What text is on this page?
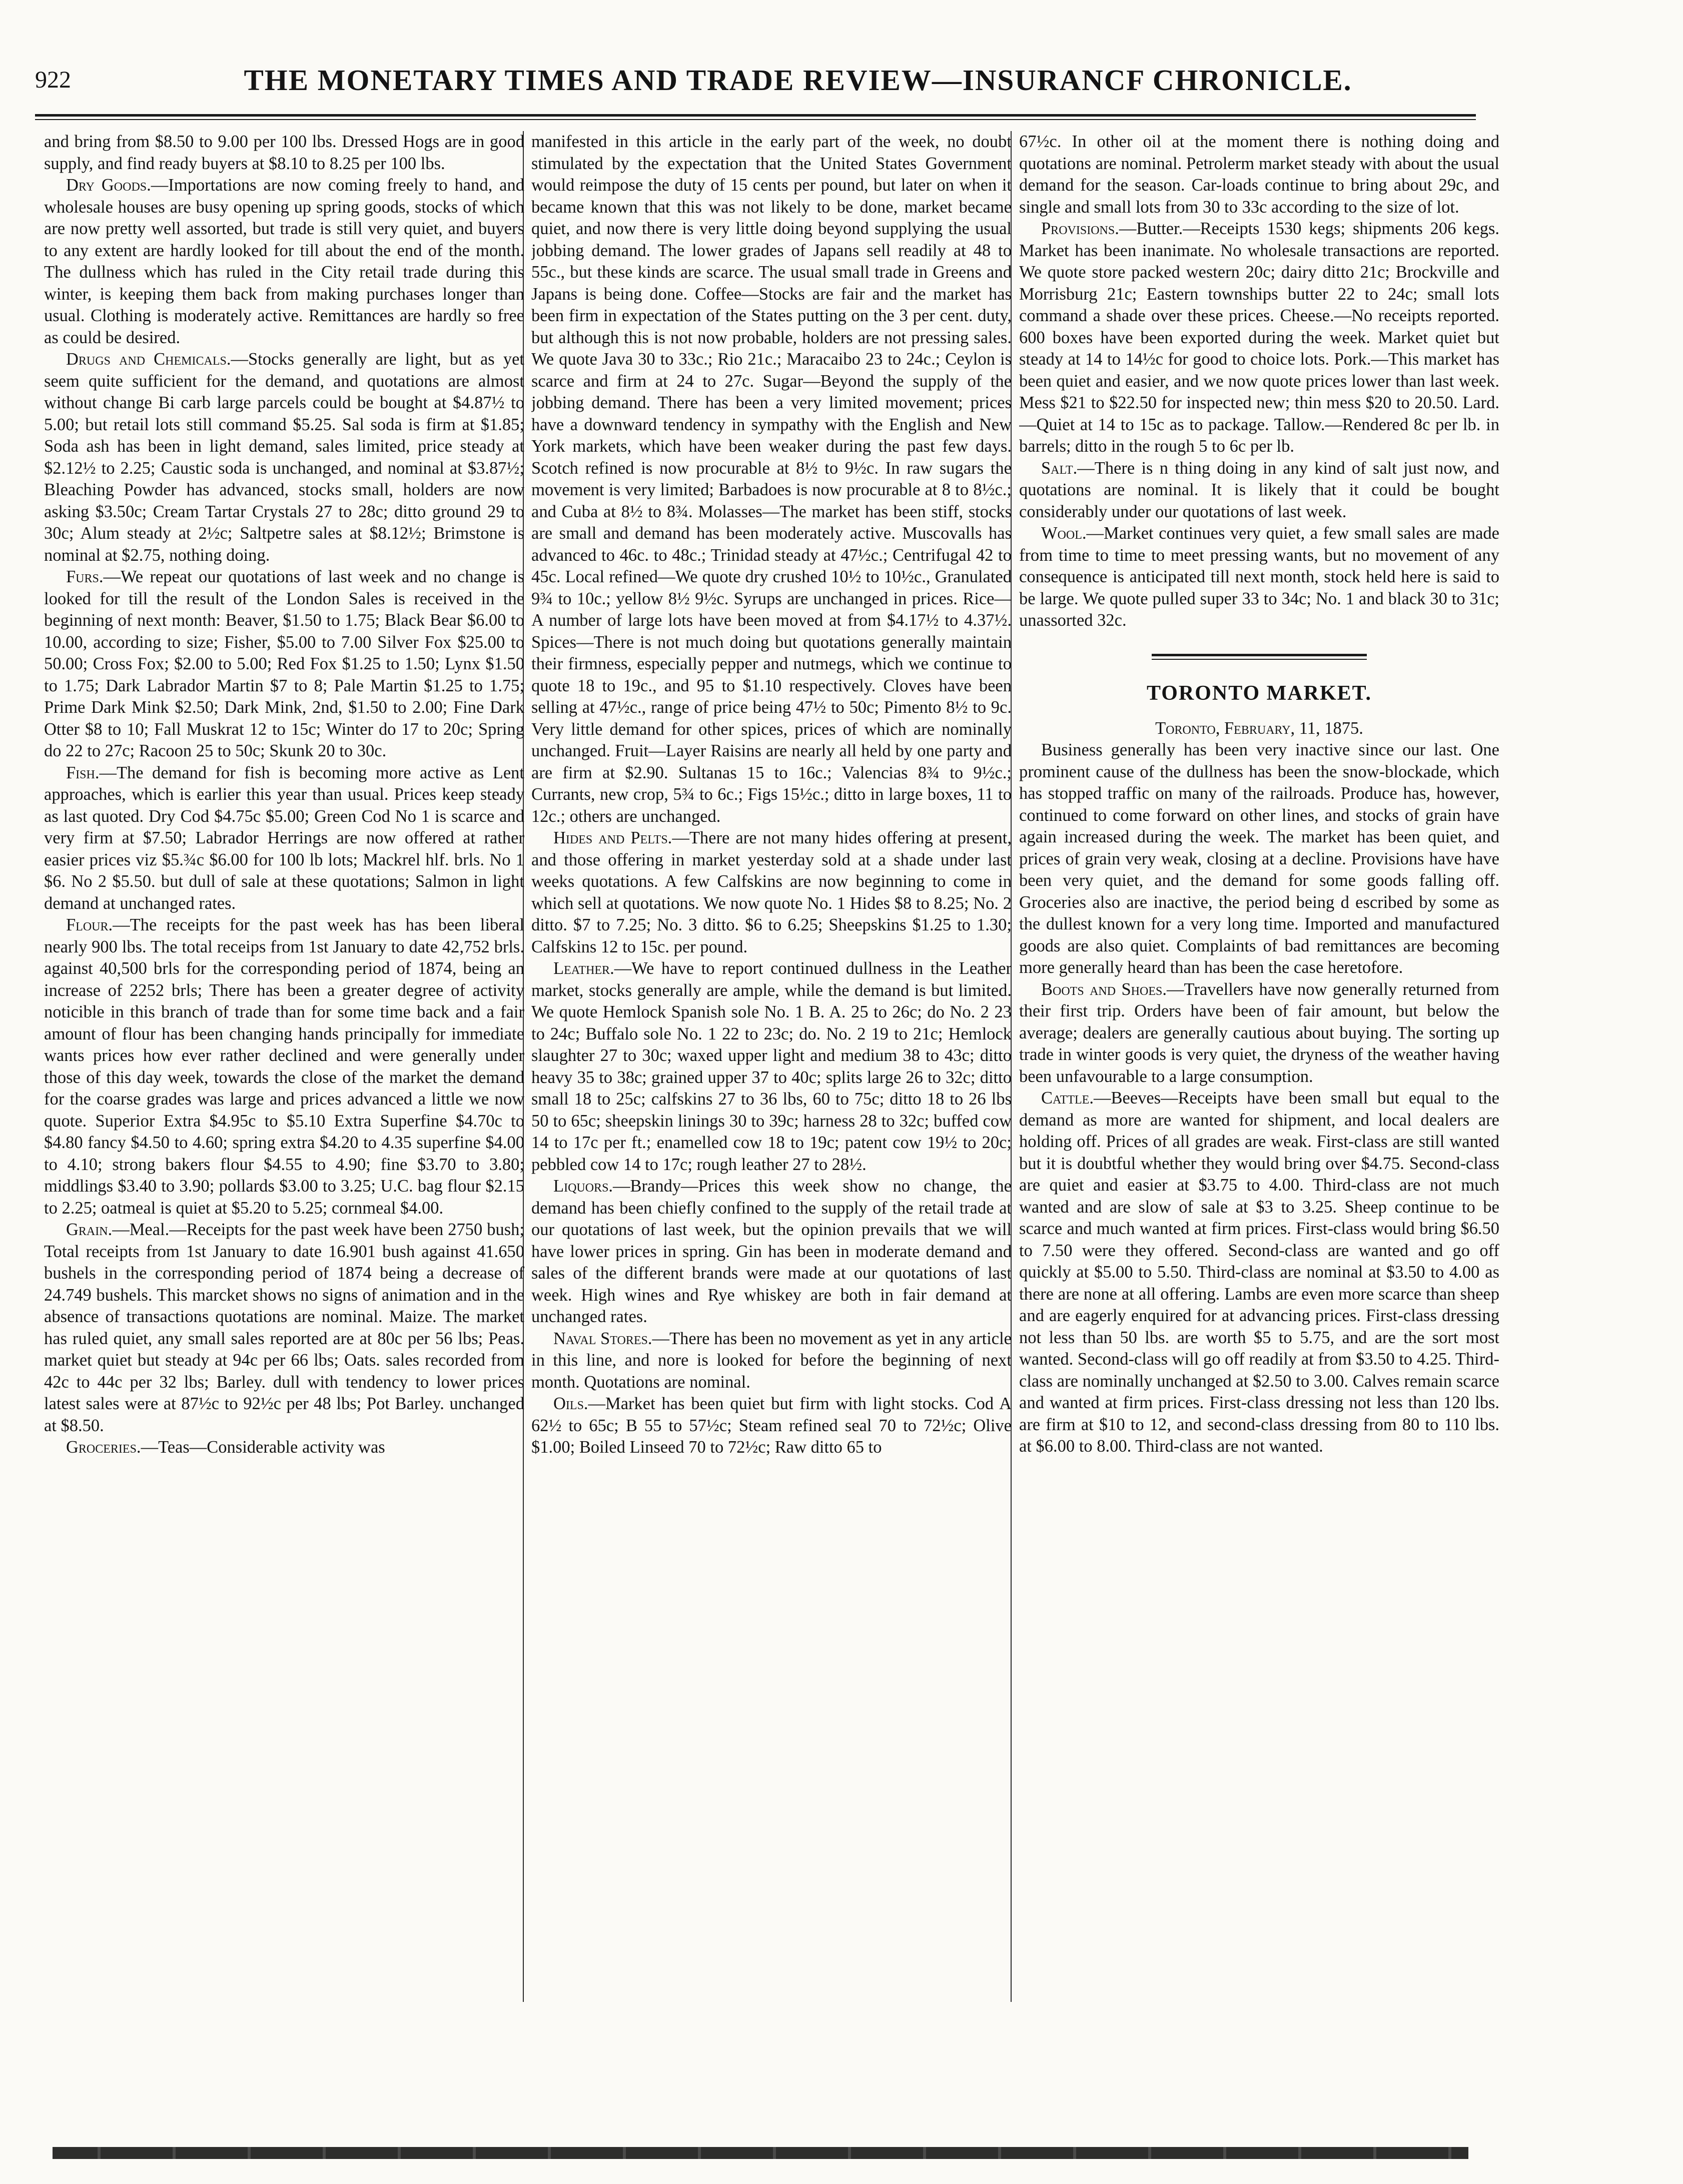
922	THE MONETARY TIMES AND TRADE REVIEW—INSURANCF CHRONICLE.

and bring from $8.50 to 9.00 per 100 lbs. Dressed Hogs are in good supply, and find ready buyers at $8.10 to 8.25 per 100 lbs.

Dry Goods.—Importations are now coming freely to hand, and wholesale houses are busy opening up spring goods, stocks of which are now pretty well assorted, but trade is still very quiet, and buyers to any extent are hardly looked for till about the end of the month. The dullness which has ruled in the City retail trade during this winter, is keeping them back from making purchases longer than usual. Clothing is moderately active. Remittances are hardly so free as could be desired.

Drugs and Chemicals.—Stocks generally are light, but as yet seem quite sufficient for the demand, and quotations are almost without change Bi carb large parcels could be bought at $4.87½ to 5.00; but retail lots still command $5.25. Sal soda is firm at $1.85; Soda ash has been in light demand, sales limited, price steady at $2.12½ to 2.25; Caustic soda is unchanged, and nominal at $3.87½; Bleaching Powder has advanced, stocks small, holders are now asking $3.50c; Cream Tartar Crystals 27 to 28c; ditto ground 29 to 30c; Alum steady at 2½c; Saltpetre sales at $8.12½; Brimstone is nominal at $2.75, nothing doing.

Furs.—We repeat our quotations of last week and no change is looked for till the result of the London Sales is received in the beginning of next month: Beaver, $1.50 to 1.75; Black Bear $6.00 to 10.00, according to size; Fisher, $5.00 to 7.00 Silver Fox $25.00 to 50.00; Cross Fox; $2.00 to 5.00; Red Fox $1.25 to 1.50; Lynx $1.50 to 1.75; Dark Labrador Martin $7 to 8; Pale Martin $1.25 to 1.75; Prime Dark Mink $2.50; Dark Mink, 2nd, $1.50 to 2.00; Fine Dark Otter $8 to 10; Fall Muskrat 12 to 15c; Winter do 17 to 20c; Spring do 22 to 27c; Racoon 25 to 50c; Skunk 20 to 30c.

Fish.—The demand for fish is becoming more active as Lent approaches, which is earlier this year than usual. Prices keep steady as last quoted. Dry Cod $4.75c $5.00; Green Cod No 1 is scarce and very firm at $7.50; Labrador Herrings are now offered at rather easier prices viz $5.¾c $6.00 for 100 lb lots; Mackrel hlf. brls. No 1 $6. No 2 $5.50. but dull of sale at these quotations; Salmon in light demand at unchanged rates.

Flour.—The receipts for the past week has has been liberal nearly 900 lbs. The total receips from 1st January to date 42,752 brls. against 40,500 brls for the corresponding period of 1874, being an increase of 2252 brls; There has been a greater degree of activity noticible in this branch of trade than for some time back and a fair amount of flour has been changing hands principally for immediate wants prices how ever rather declined and were generally under those of this day week, towards the close of the market the demand for the coarse grades was large and prices advanced a little we now quote. Superior Extra $4.95c to $5.10 Extra Superfine $4.70c to $4.80 fancy $4.50 to 4.60; spring extra $4.20 to 4.35 superfine $4.00 to 4.10; strong bakers flour $4.55 to 4.90; fine $3.70 to 3.80; middlings $3.40 to 3.90; pollards $3.00 to 3.25; U.C. bag flour $2.15 to 2.25; oatmeal is quiet at $5.20 to 5.25; cornmeal $4.00.

Grain.—Meal.—Receipts for the past week have been 2750 bush; Total receipts from 1st January to date 16.901 bush against 41.650 bushels in the corresponding period of 1874 being a decrease of 24.749 bushels. This marcket shows no signs of animation and in the absence of transactions quotations are nominal. Maize. The market has ruled quiet, any small sales reported are at 80c per 56 lbs; Peas. market quiet but steady at 94c per 66 lbs; Oats. sales recorded from 42c to 44c per 32 lbs; Barley. dull with tendency to lower prices latest sales were at 87½c to 92½c per 48 lbs; Pot Barley. unchanged at $8.50.

Groceries.—Teas—Considerable activity was

manifested in this article in the early part of the week, no doubt stimulated by the expectation that the United States Government would reimpose the duty of 15 cents per pound, but later on when it became known that this was not likely to be done, market became quiet, and now there is very little doing beyond supplying the usual jobbing demand. The lower grades of Japans sell readily at 48 to 55c., but these kinds are scarce. The usual small trade in Greens and Japans is being done. Coffee—Stocks are fair and the market has been firm in expectation of the States putting on the 3 per cent. duty, but although this is not now probable, holders are not pressing sales. We quote Java 30 to 33c.; Rio 21c.; Maracaibo 23 to 24c.; Ceylon is scarce and firm at 24 to 27c. Sugar—Beyond the supply of the jobbing demand. There has been a very limited movement; prices have a downward tendency in sympathy with the English and New York markets, which have been weaker during the past few days. Scotch refined is now procurable at 8½ to 9½c. In raw sugars the movement is very limited; Barbadoes is now procurable at 8 to 8½c.; and Cuba at 8½ to 8¾. Molasses—The market has been stiff, stocks are small and demand has been moderately active. Muscovalls has advanced to 46c. to 48c.; Trinidad steady at 47½c.; Centrifugal 42 to 45c. Local refined—We quote dry crushed 10½ to 10½c., Granulated 9¾ to 10c.; yellow 8½ 9½c. Syrups are unchanged in prices. Rice—A number of large lots have been moved at from $4.17½ to 4.37½. Spices—There is not much doing but quotations generally maintain their firmness, especially pepper and nutmegs, which we continue to quote 18 to 19c., and 95 to $1.10 respectively. Cloves have been selling at 47½c., range of price being 47½ to 50c; Pimento 8½ to 9c. Very little demand for other spices, prices of which are nominally unchanged. Fruit—Layer Raisins are nearly all held by one party and are firm at $2.90. Sultanas 15 to 16c.; Valencias 8¾ to 9½c.; Currants, new crop, 5¾ to 6c.; Figs 15½c.; ditto in large boxes, 11 to 12c.; others are unchanged.

Hides and Pelts.—There are not many hides offering at present, and those offering in market yesterday sold at a shade under last weeks quotations. A few Calfskins are now beginning to come in which sell at quotations. We now quote No. 1 Hides $8 to 8.25; No. 2 ditto. $7 to 7.25; No. 3 ditto. $6 to 6.25; Sheepskins $1.25 to 1.30; Calfskins 12 to 15c. per pound.

Leather.—We have to report continued dullness in the Leather market, stocks generally are ample, while the demand is but limited. We quote Hemlock Spanish sole No. 1 B. A. 25 to 26c; do No. 2 23 to 24c; Buffalo sole No. 1 22 to 23c; do. No. 2 19 to 21c; Hemlock slaughter 27 to 30c; waxed upper light and medium 38 to 43c; ditto heavy 35 to 38c; grained upper 37 to 40c; splits large 26 to 32c; ditto small 18 to 25c; calfskins 27 to 36 lbs, 60 to 75c; ditto 18 to 26 lbs 50 to 65c; sheepskin linings 30 to 39c; harness 28 to 32c; buffed cow 14 to 17c per ft.; enamelled cow 18 to 19c; patent cow 19½ to 20c; pebbled cow 14 to 17c; rough leather 27 to 28½.

Liquors.—Brandy—Prices this week show no change, the demand has been chiefly confined to the supply of the retail trade at our quotations of last week, but the opinion prevails that we will have lower prices in spring. Gin has been in moderate demand and sales of the different brands were made at our quotations of last week. High wines and Rye whiskey are both in fair demand at unchanged rates.

Naval Stores.—There has been no movement as yet in any article in this line, and nore is looked for before the beginning of next month. Quotations are nominal.

Oils.—Market has been quiet but firm with light stocks. Cod A 62½ to 65c; B 55 to 57½c; Steam refined seal 70 to 72½c; Olive $1.00; Boiled Linseed 70 to 72½c; Raw ditto 65 to

67½c. In other oil at the moment there is nothing doing and quotations are nominal. Petrolerm market steady with about the usual demand for the season. Car-loads continue to bring about 29c, and single and small lots from 30 to 33c according to the size of lot.

Provisions.—Butter.—Receipts 1530 kegs; shipments 206 kegs. Market has been inanimate. No wholesale transactions are reported. We quote store packed western 20c; dairy ditto 21c; Brockville and Morrisburg 21c; Eastern townships butter 22 to 24c; small lots command a shade over these prices. Cheese.—No receipts reported. 600 boxes have been exported during the week. Market quiet but steady at 14 to 14½c for good to choice lots. Pork.—This market has been quiet and easier, and we now quote prices lower than last week. Mess $21 to $22.50 for inspected new; thin mess $20 to 20.50. Lard.—Quiet at 14 to 15c as to package. Tallow.—Rendered 8c per lb. in barrels; ditto in the rough 5 to 6c per lb.

Salt.—There is n thing doing in any kind of salt just now, and quotations are nominal. It is likely that it could be bought considerably under our quotations of last week.

Wool.—Market continues very quiet, a few small sales are made from time to time to meet pressing wants, but no movement of any consequence is anticipated till next month, stock held here is said to be large. We quote pulled super 33 to 34c; No. 1 and black 30 to 31c; unassorted 32c.

TORONTO MARKET.

Toronto, February, 11, 1875.

Business generally has been very inactive since our last. One prominent cause of the dullness has been the snow-blockade, which has stopped traffic on many of the railroads. Produce has, however, continued to come forward on other lines, and stocks of grain have again increased during the week. The market has been quiet, and prices of grain very weak, closing at a decline. Provisions have have been very quiet, and the demand for some goods falling off. Groceries also are inactive, the period being d escribed by some as the dullest known for a very long time. Imported and manufactured goods are also quiet. Complaints of bad remittances are becoming more generally heard than has been the case heretofore.

Boots and Shoes.—Travellers have now generally returned from their first trip. Orders have been of fair amount, but below the average; dealers are generally cautious about buying. The sorting up trade in winter goods is very quiet, the dryness of the weather having been unfavourable to a large consumption.

Cattle.—Beeves—Receipts have been small but equal to the demand as more are wanted for shipment, and local dealers are holding off. Prices of all grades are weak. First-class are still wanted but it is doubtful whether they would bring over $4.75. Second-class are quiet and easier at $3.75 to 4.00. Third-class are not much wanted and are slow of sale at $3 to 3.25. Sheep continue to be scarce and much wanted at firm prices. First-class would bring $6.50 to 7.50 were they offered. Second-class are wanted and go off quickly at $5.00 to 5.50. Third-class are nominal at $3.50 to 4.00 as there are none at all offering. Lambs are even more scarce than sheep and are eagerly enquired for at advancing prices. First-class dressing not less than 50 lbs. are worth $5 to 5.75, and are the sort most wanted. Second-class will go off readily at from $3.50 to 4.25. Third-class are nominally unchanged at $2.50 to 3.00. Calves remain scarce and wanted at firm prices. First-class dressing not less than 120 lbs. are firm at $10 to 12, and second-class dressing from 80 to 110 lbs. at $6.00 to 8.00. Third-class are not wanted.
